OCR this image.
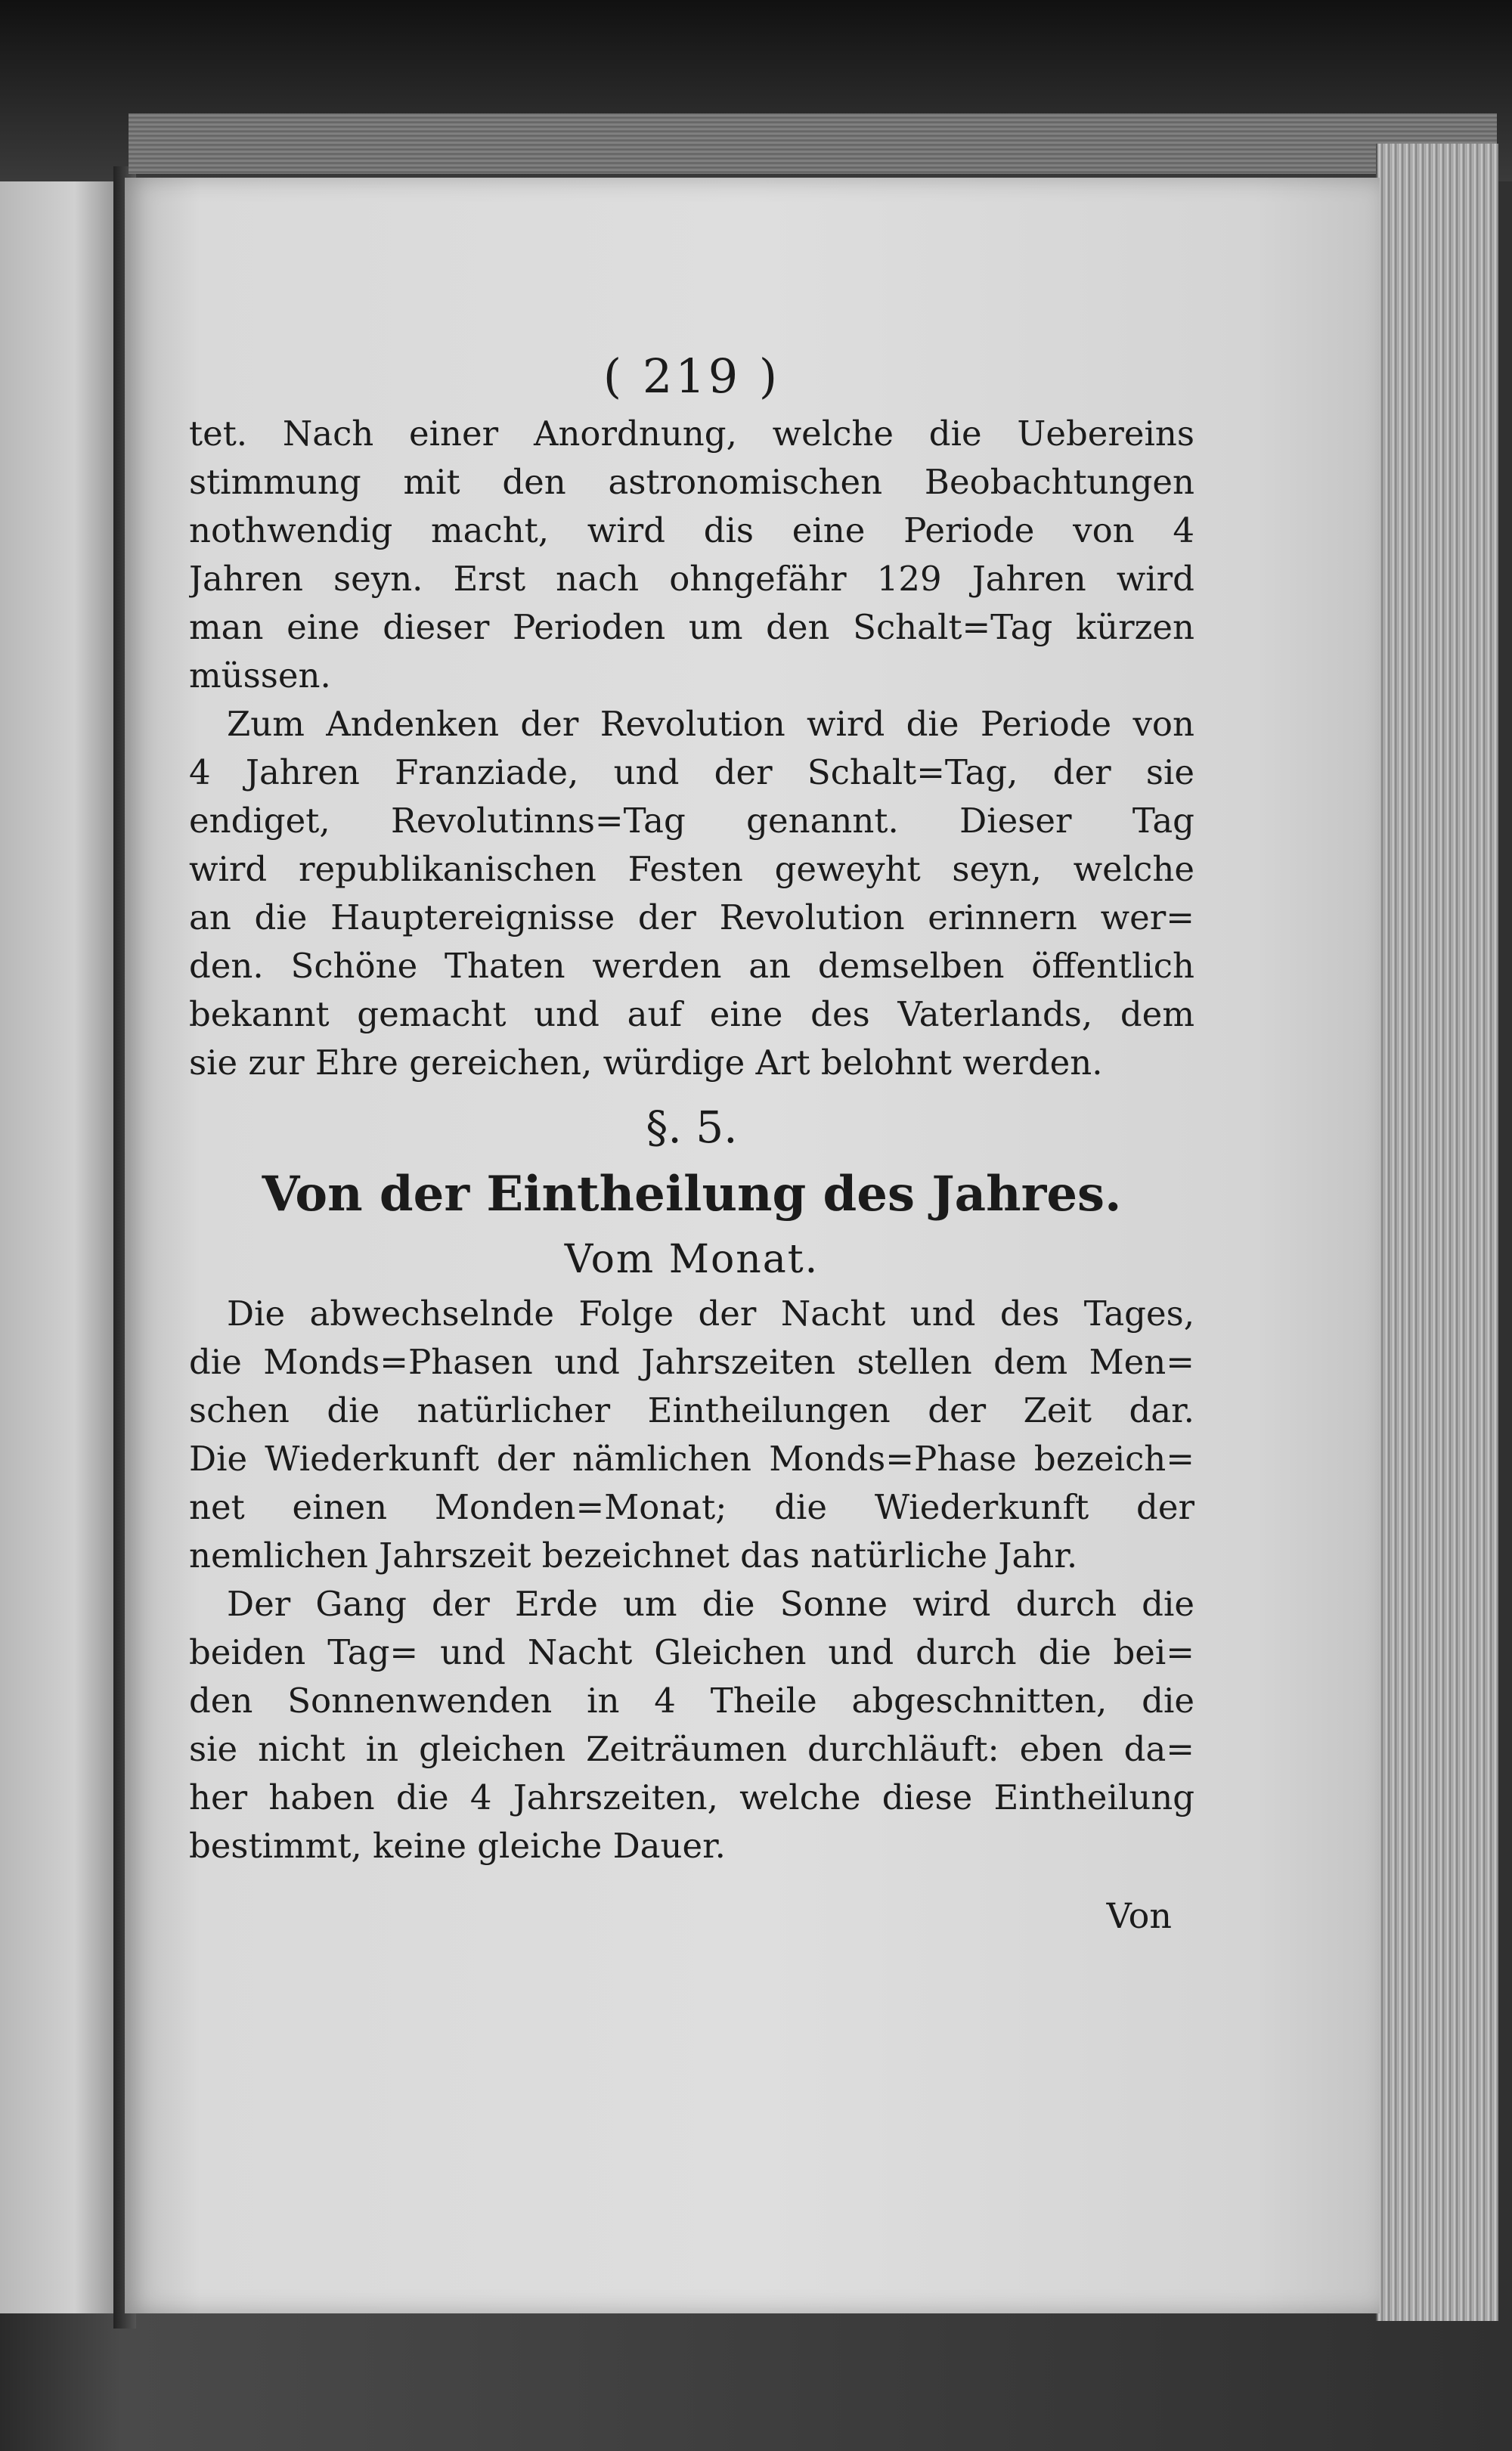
( 219 )
tet. Nach einer Anordnung, welche die Uebereins
stimmung mit den astronomischen Beobachtungen
nothwendig macht, wird dis eine Periode von 4
Jahren seyn. Erst nach ohngefähr 129 Jahren wird
man eine dieser Perioden um den Schalt=Tag kürzen
müssen.
Zum Andenken der Revolution wird die Periode von
4 Jahren Franziade, und der Schalt=Tag, der sie
endiget, Revolutinns=Tag genannt. Dieser Tag
wird republikanischen Festen geweyht seyn, welche
an die Hauptereignisse der Revolution erinnern wer=
den. Schöne Thaten werden an demselben öffentlich
bekannt gemacht und auf eine des Vaterlands, dem
sie zur Ehre gereichen, würdige Art belohnt werden.
§. 5.
Von der Eintheilung des Jahres.
Vom Monat.
Die abwechselnde Folge der Nacht und des Tages,
die Monds=Phasen und Jahrszeiten stellen dem Men=
schen die natürlicher Eintheilungen der Zeit dar.
Die Wiederkunft der nämlichen Monds=Phase bezeich=
net einen Monden=Monat; die Wiederkunft der
nemlichen Jahrszeit bezeichnet das natürliche Jahr.
Der Gang der Erde um die Sonne wird durch die
beiden Tag= und Nacht Gleichen und durch die bei=
den Sonnenwenden in 4 Theile abgeschnitten, die
sie nicht in gleichen Zeiträumen durchläuft: eben da=
her haben die 4 Jahrszeiten, welche diese Eintheilung
bestimmt, keine gleiche Dauer.
Von
